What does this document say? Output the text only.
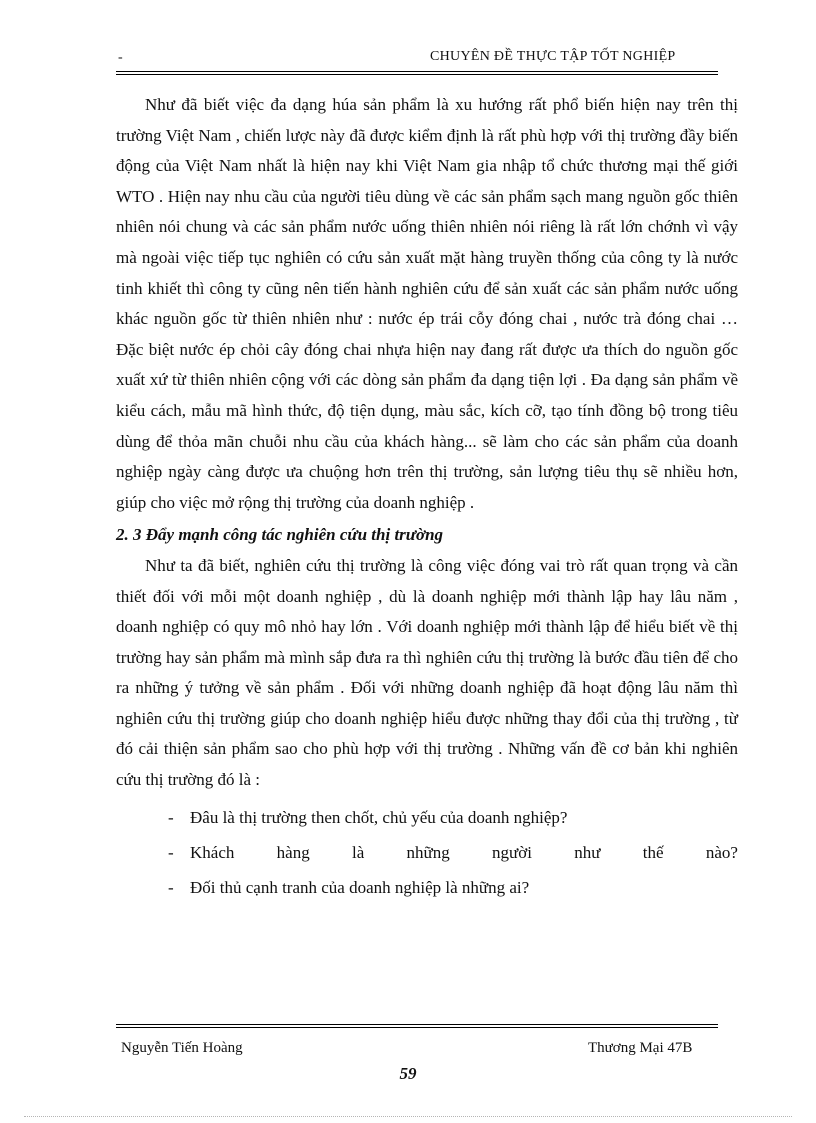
-	CHUYÊN ĐỀ THỰC TẬP TỐT NGHIỆP

Như đã biết việc đa dạng húa sản phẩm là xu hướng rất phổ biến hiện nay trên thị trường Việt Nam , chiến lược này đã được kiểm định là rất phù hợp với thị trường đầy biến động của Việt Nam nhất là hiện nay khi Việt Nam gia nhập tổ chức thương mại thế giới WTO . Hiện nay nhu cầu của người tiêu dùng về các sản phẩm sạch mang nguồn gốc thiên nhiên nói chung và các sản phẩm nước uống thiên nhiên nói riêng là rất lớn chớnh vì vậy mà ngoài việc tiếp tục nghiên có cứu sản xuất mặt hàng truyền thống của công ty là nước tinh khiết thì công ty cũng nên tiến hành nghiên cứu để sản xuất các sản phẩm nước uống khác nguồn gốc từ thiên nhiên như : nước ép trái cỗy đóng chai , nước trà đóng chai … Đặc biệt nước ép chỏi cây đóng chai nhựa hiện nay đang rất được ưa thích do nguồn gốc xuất xứ từ thiên nhiên cộng với các dòng sản phẩm đa dạng tiện lợi . Đa dạng sản phẩm về kiểu cách, mẫu mã hình thức, độ tiện dụng, màu sắc, kích cỡ, tạo tính đồng bộ trong tiêu dùng để thỏa mãn chuỗi nhu cầu của khách hàng... sẽ làm cho các sản phẩm của doanh nghiệp ngày càng được ưa chuộng hơn trên thị trường, sản lượng tiêu thụ sẽ nhiều hơn, giúp cho việc mở rộng thị trường của doanh nghiệp .

2. 3 Đẩy mạnh công tác nghiên cứu thị trường

Như ta đã biết, nghiên cứu thị trường là công việc đóng vai trò rất quan trọng và cần thiết đối với mỗi một doanh nghiệp , dù là doanh nghiệp mới thành lập hay lâu năm , doanh nghiệp có quy mô nhỏ hay lớn . Với doanh nghiệp mới thành lập để hiểu biết về thị trường hay sản phẩm mà mình sắp đưa ra thì nghiên cứu thị trường là bước đầu tiên để cho ra những ý tưởng về sản phẩm . Đối với những doanh nghiệp đã hoạt động lâu năm thì nghiên cứu thị trường giúp cho doanh nghiệp hiểu được những thay đổi của thị trường , từ đó cải thiện sản phẩm sao cho phù hợp với thị trường . Những vấn đề cơ bản khi nghiên cứu thị trường đó là :

- Đâu là thị trường then chốt, chủ yếu của doanh nghiệp?
- Khách hàng là những người như thế nào?
- Đối thủ cạnh tranh của doanh nghiệp là những ai?
Nguyễn Tiến Hoàng	Thương Mại 47B
59
